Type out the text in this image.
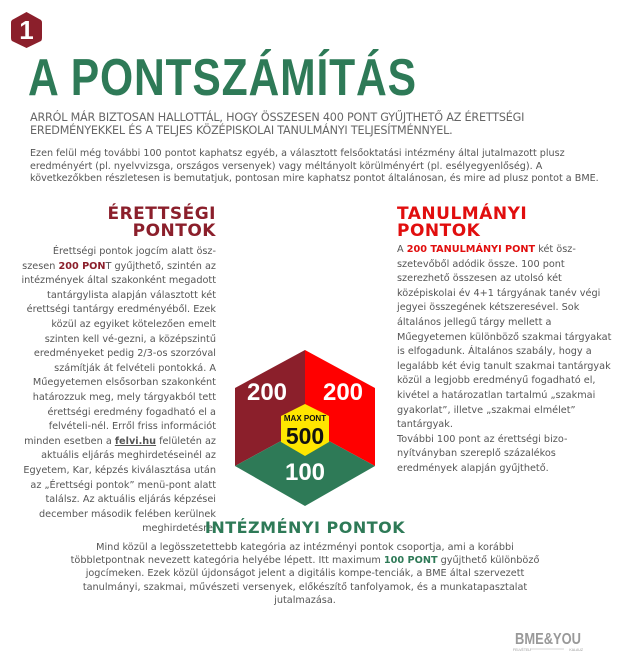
1
A PONTSZÁMÍTÁS

ARRÓL MÁR BIZTOSAN HALLOTTÁL, HOGY ÖSSZESEN 400 PONT GYŰJTHETŐ AZ ÉRETTSÉGI EREDMÉNYEKKEL ÉS A TELJES KÖZÉPISKOLAI TANULMÁNYI TELJESÍTMÉNNYEL.

Ezen felül még további 100 pontot kaphatsz egyéb, a választott felsőoktatási intézmény által jutalmazott plusz eredményért (pl. nyelvvizsga, országos versenyek) vagy méltányolt körülményért (pl. esélyegyenlőség). A következőkben részletesen is bemutatjuk, pontosan mire kaphatsz pontot általánosan, és mire ad plusz pontot a BME.

ÉRETTSÉGI
PONTOK

Érettségi pontok jogcím alatt ösz-szesen 200 PONT gyűjthető, szintén az intézmények által szakonként megadott tantárgylista alapján választott két érettségi tantárgy eredményéből. Ezek közül az egyiket kötelezően emelt szinten kell vé-gezni, a középszintű eredményeket pedig 2/3-os szorzóval számítják át felvételi pontokká. A Műegyetemen elsősorban szakonként határozzuk meg, mely tárgyakból tett érettségi eredmény fogadható el a felvételi-nél. Erről friss információt minden esetben a felvi.hu felületén az aktuális eljárás meghirdetéseinél az Egyetem, Kar, képzés kiválasztása után az „Érettségi pontok” menü-pont alatt találsz. Az aktuális eljárás képzései december második felében kerülnek meghirdetésre.

TANULMÁNYI
PONTOK

A 200 TANULMÁNYI PONT két ösz-szetevőből adódik össze. 100 pont szerezhető összesen az utolsó két középiskolai év 4+1 tárgyának tanév végi jegyei összegének kétszeresével. Sok általános jellegű tárgy mellett a Műegyetemen különböző szakmai tárgyakat is elfogadunk. Általános szabály, hogy a legalább két évig tanult szakmai tantárgyak közül a legjobb eredményű fogadható el, kivétel a határozatlan tartalmú „szakmai gyakorlat”, illetve „szakmai elmélet” tantárgyak.
További 100 pont az érettségi bizo-nyítványban szereplő százalékos eredmények alapján gyűjthető.

200 200
100
MAX PONT
500
INTÉZMÉNYI PONTOK

Mind közül a legösszetettebb kategória az intézményi pontok csoportja, ami a korábbi többletpontnak nevezett kategória helyébe lépett. Itt maximum 100 PONT gyűjthető különböző jogcímeken. Ezek közül újdonságot jelent a digitális kompe-tenciák, a BME által szervezett tanulmányi, szakmai, művészeti versenyek, előkészítő tanfolyamok, és a munkatapasztalat jutalmazása.

BME&YOU
FELVÉTELI	KALAUZ
